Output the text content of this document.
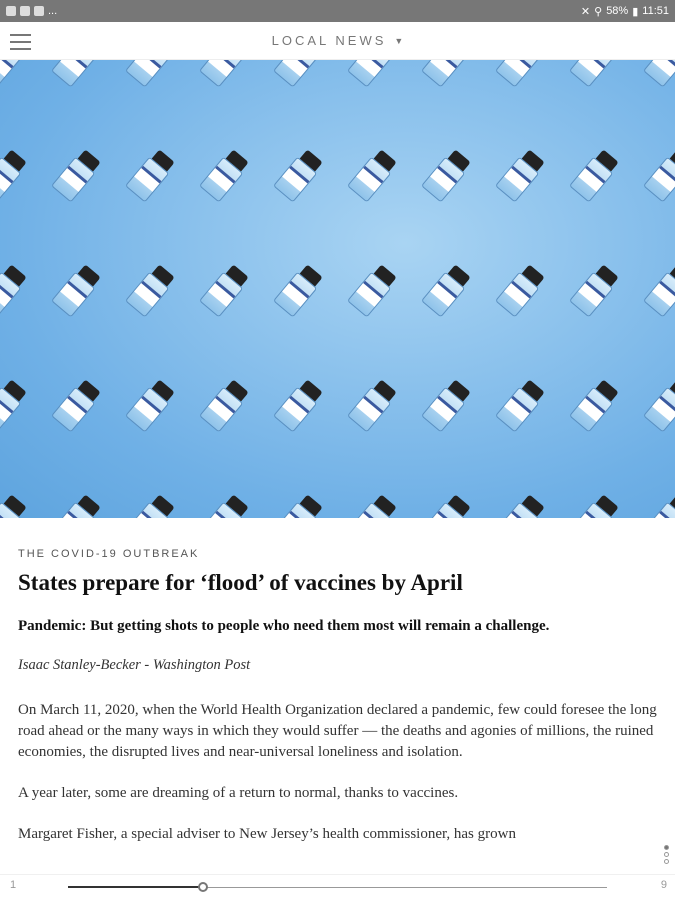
...	✕ ⚲ 58% ▮ 11:51
LOCAL NEWS ▼
THE COVID-19 OUTBREAK
States prepare for ‘flood’ of vaccines by April
Pandemic: But getting shots to people who need them most will remain a challenge.
Isaac Stanley-Becker - Washington Post

On March 11, 2020, when the World Health Organization declared a pandemic, few could foresee the long road ahead or the many ways in which they would suffer — the deaths and agonies of millions, the ruined economies, the disrupted lives and near-universal loneliness and isolation.

A year later, some are dreaming of a return to normal, thanks to vaccines.

Margaret Fisher, a special adviser to New Jersey’s health commissioner, has grown

1	9
